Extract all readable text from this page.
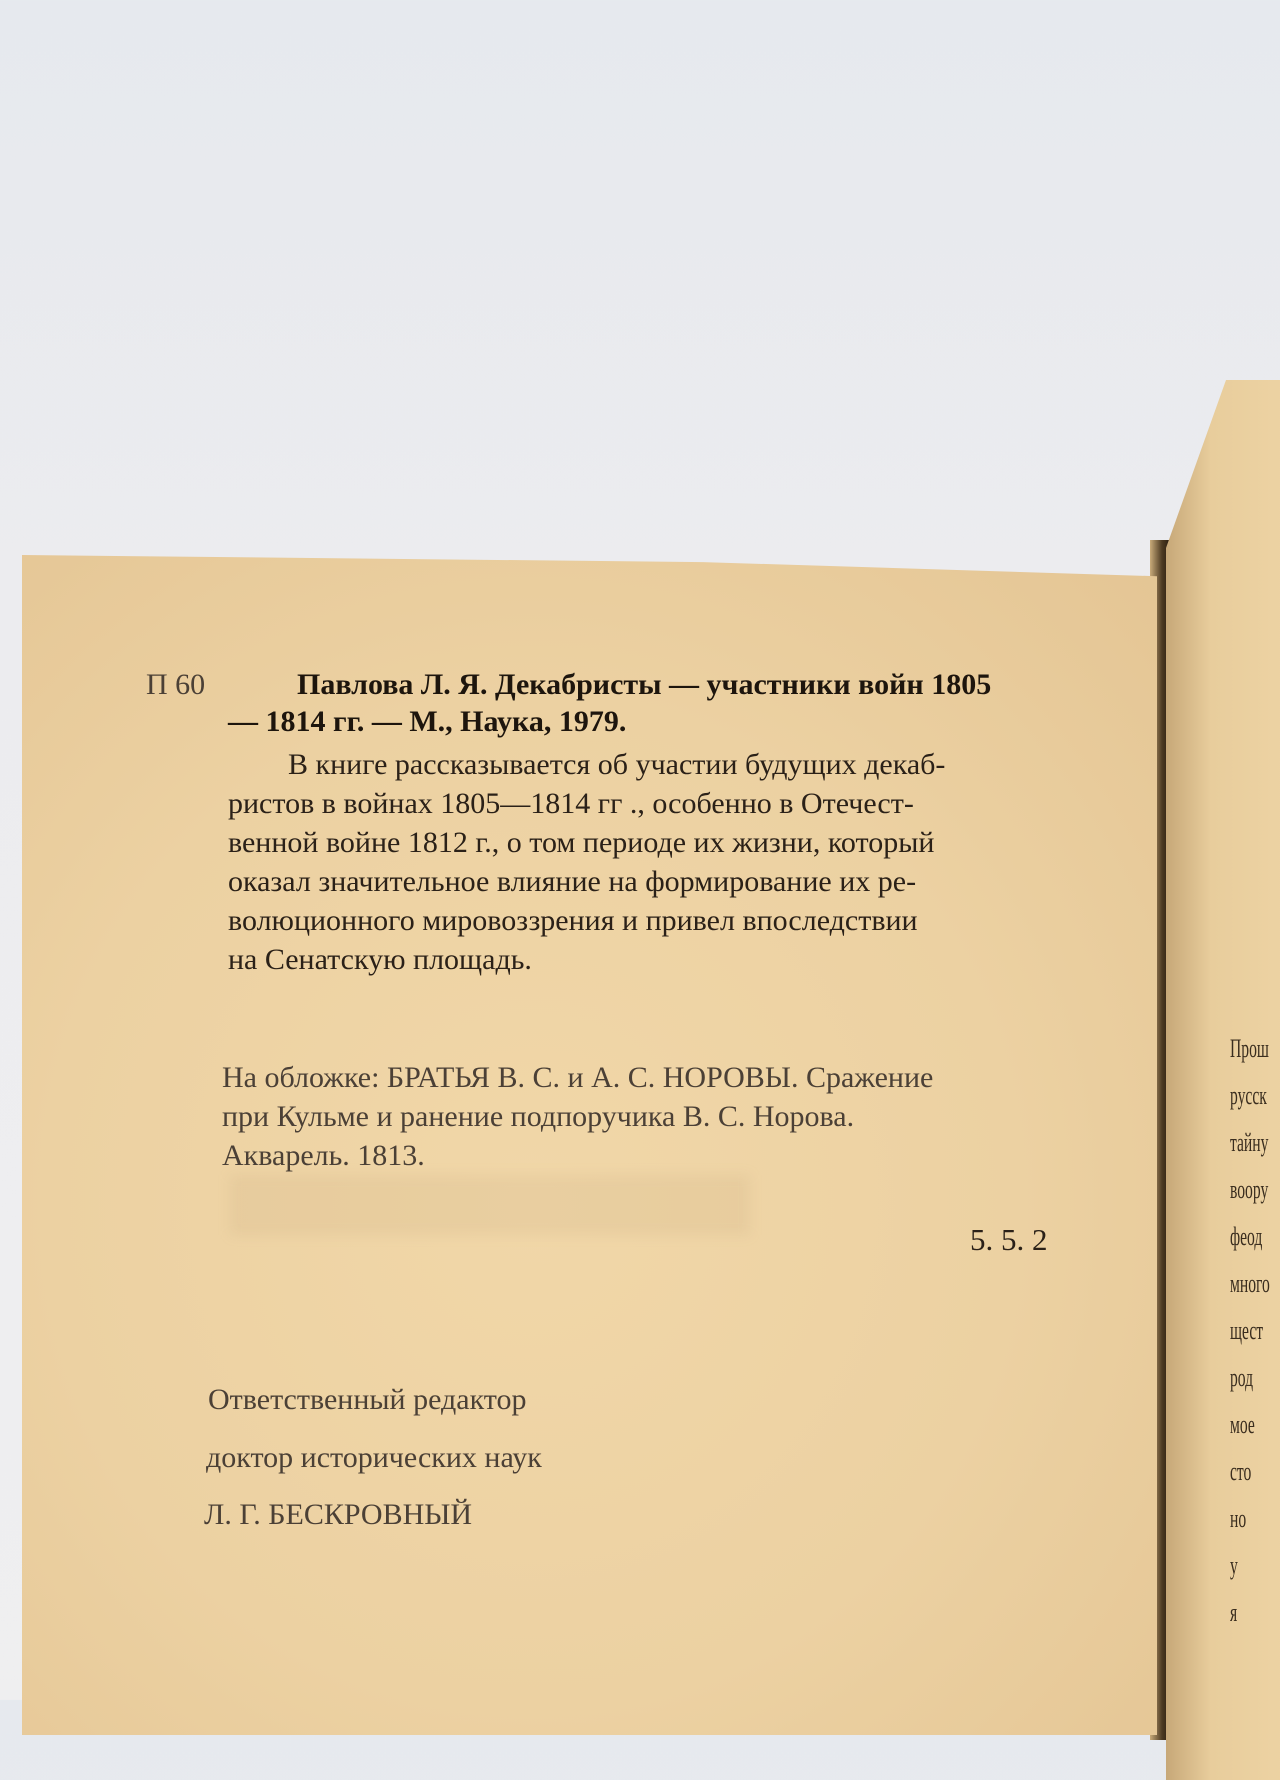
Прош
русск
тайну
воору
феод
много
щест
род
мое
сто
но
у
я
П 60	Павлова Л. Я. Декабристы — участники войн 1805
— 1814 гг. — М., Наука, 1979.
В книге рассказывается об участии будущих декаб-
ристов в войнах 1805—1814 гг ., особенно в Отечест-
венной войне 1812 г., о том периоде их жизни, который
оказал значительное влияние на формирование их ре-
волюционного мировоззрения и привел впоследствии
на Сенатскую площадь.
На обложке: БРАТЬЯ В. С. и А. С. НОРОВЫ. Сражение
при Кульме и ранение подпоручика В. С. Норова.
Акварель. 1813.
5. 5. 2
Ответственный редактор
доктор исторических наук
Л. Г. БЕСКРОВНЫЙ
